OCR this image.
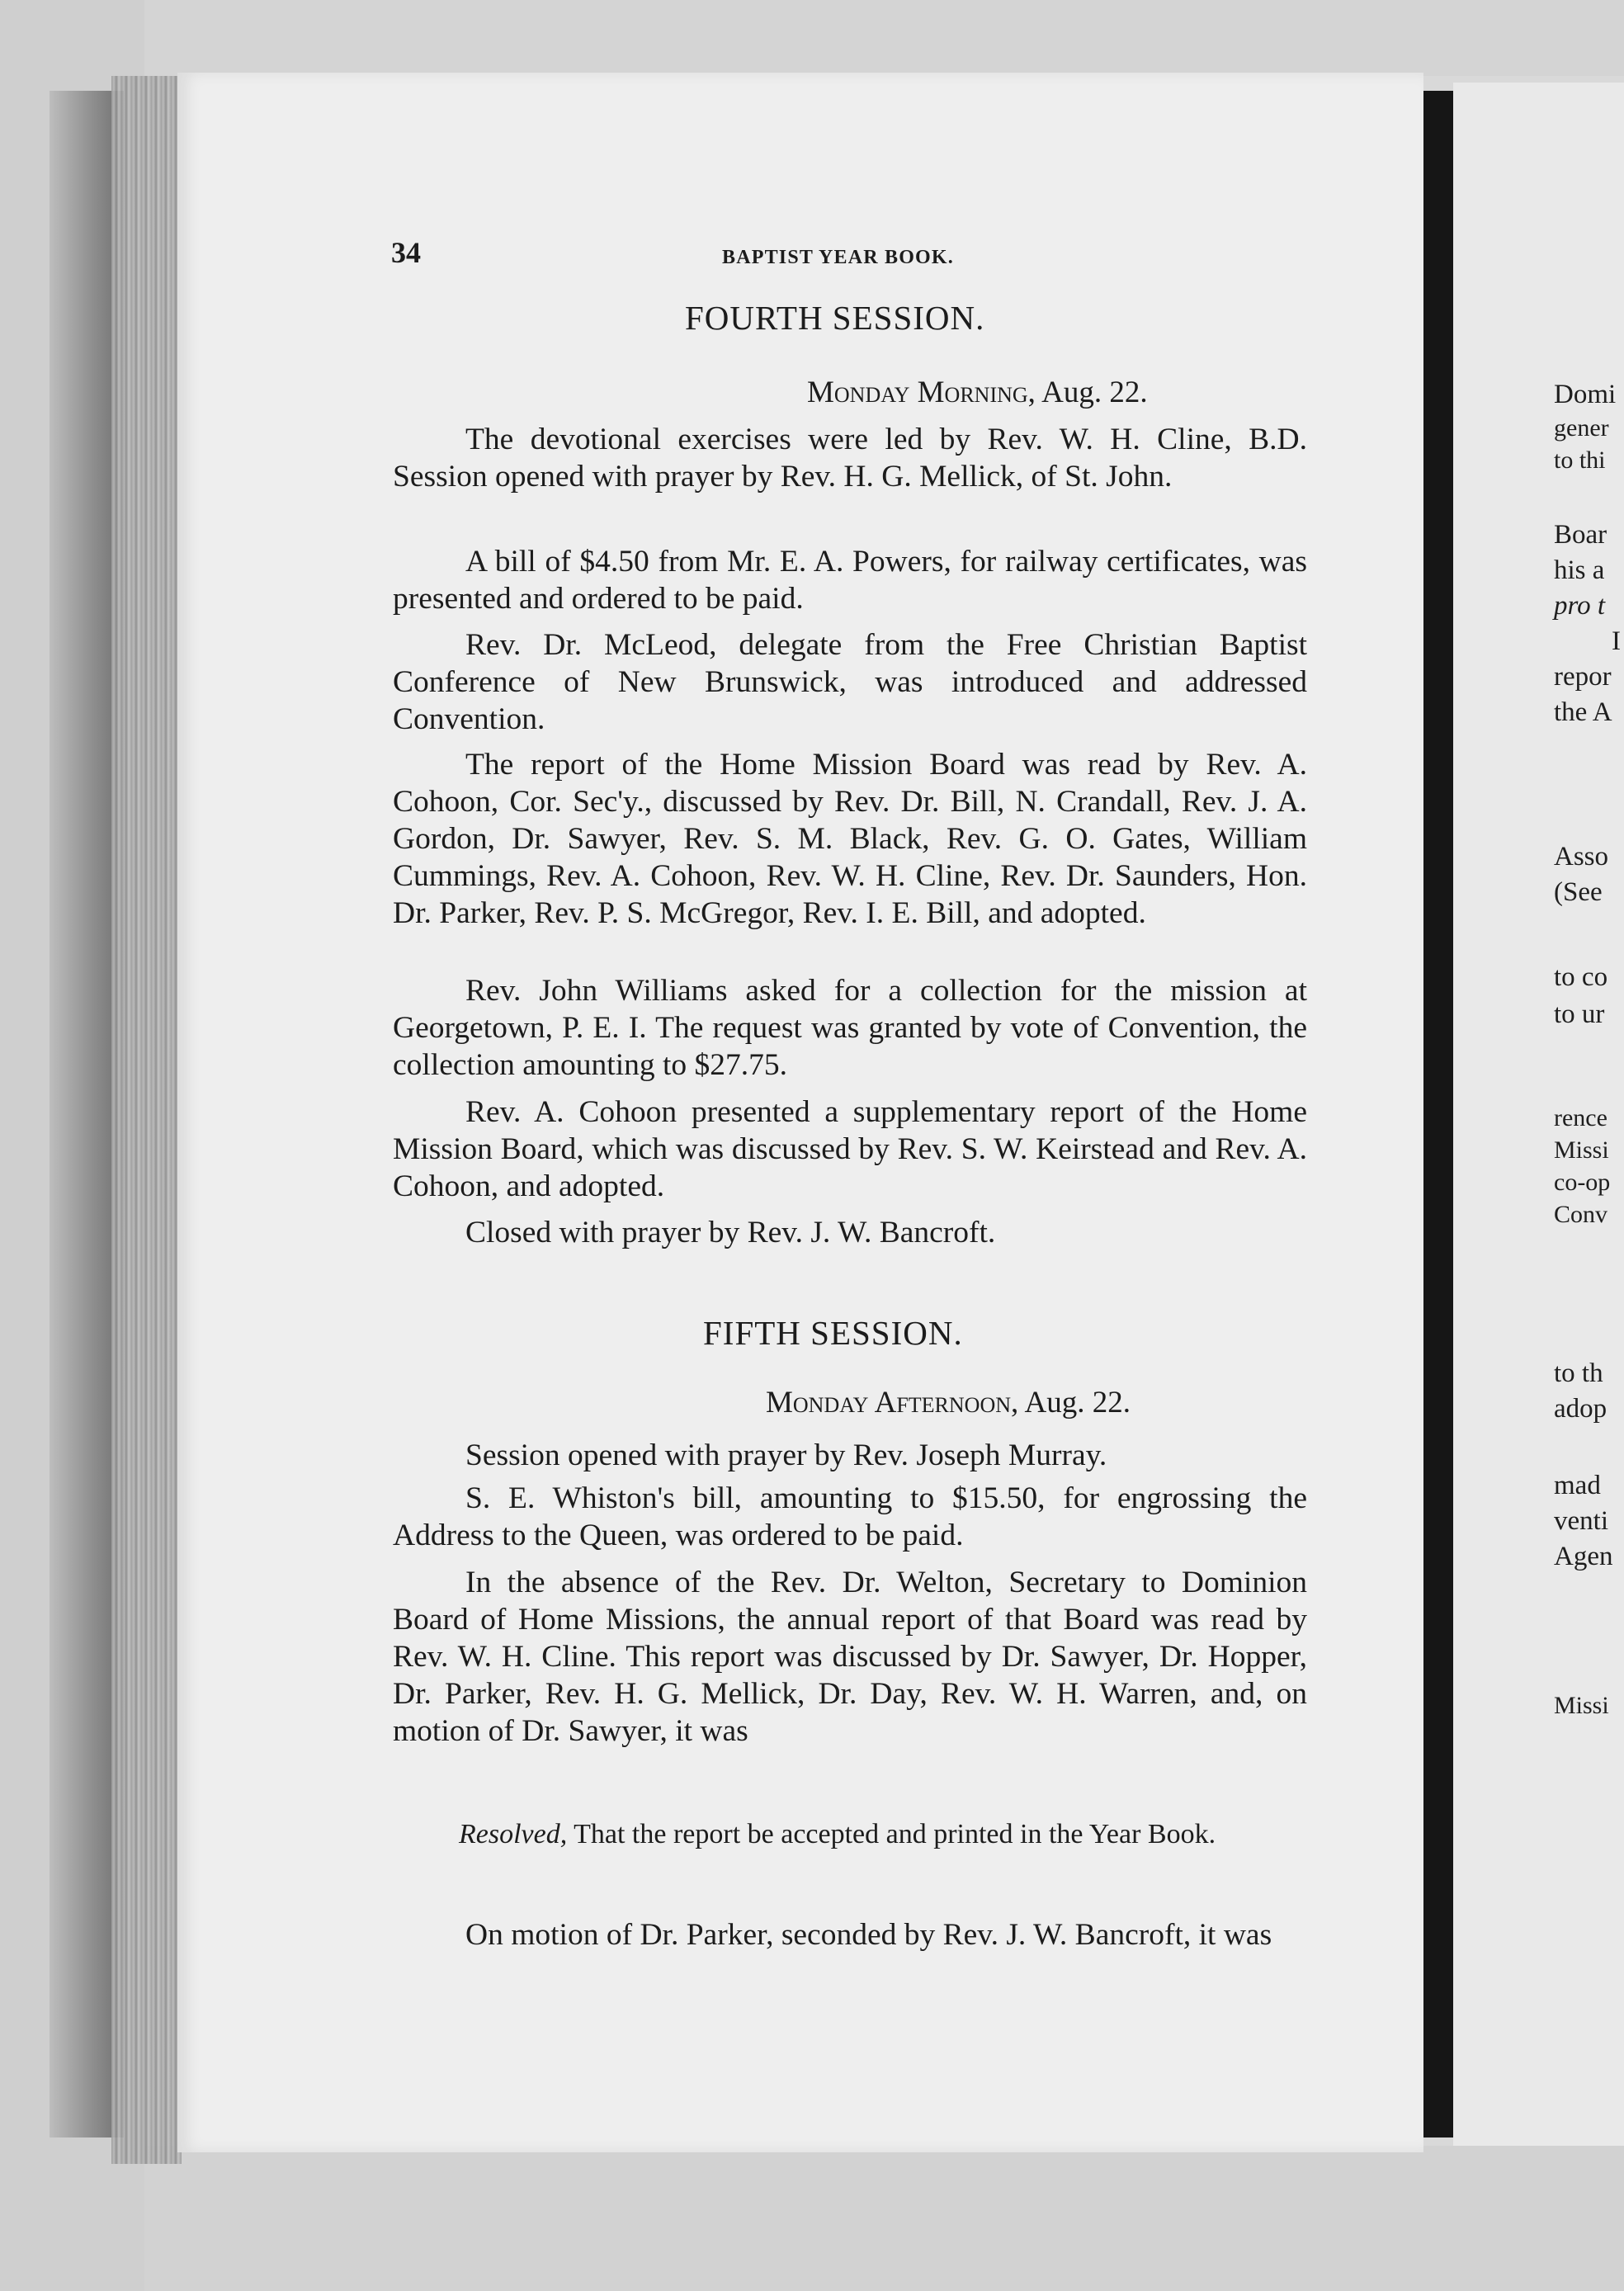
34	BAPTIST YEAR BOOK.
FOURTH SESSION.
Monday Morning, Aug. 22.
The devotional exercises were led by Rev. W. H. Cline, B.D. Session opened with prayer by Rev. H. G. Mellick, of St. John.
A bill of $4.50 from Mr. E. A. Powers, for railway certificates, was presented and ordered to be paid.
Rev. Dr. McLeod, delegate from the Free Christian Baptist Conference of New Brunswick, was introduced and addressed Convention.
The report of the Home Mission Board was read by Rev. A. Cohoon, Cor. Sec'y., discussed by Rev. Dr. Bill, N. Crandall, Rev. J. A. Gordon, Dr. Sawyer, Rev. S. M. Black, Rev. G. O. Gates, William Cummings, Rev. A. Cohoon, Rev. W. H. Cline, Rev. Dr. Saunders, Hon. Dr. Parker, Rev. P. S. McGregor, Rev. I. E. Bill, and adopted.
Rev. John Williams asked for a collection for the mission at Georgetown, P. E. I. The request was granted by vote of Convention, the collection amounting to $27.75.
Rev. A. Cohoon presented a supplementary report of the Home Mission Board, which was discussed by Rev. S. W. Keirstead and Rev. A. Cohoon, and adopted.
Closed with prayer by Rev. J. W. Bancroft.
FIFTH SESSION.
Monday Afternoon, Aug. 22.
Session opened with prayer by Rev. Joseph Murray.
S. E. Whiston's bill, amounting to $15.50, for engrossing the Address to the Queen, was ordered to be paid.
In the absence of the Rev. Dr. Welton, Secretary to Dominion Board of Home Missions, the annual report of that Board was read by Rev. W. H. Cline. This report was discussed by Dr. Sawyer, Dr. Hopper, Dr. Parker, Rev. H. G. Mellick, Dr. Day, Rev. W. H. Warren, and, on motion of Dr. Sawyer, it was
Resolved, That the report be accepted and printed in the Year Book.
On motion of Dr. Parker, seconded by Rev. J. W. Bancroft, it was
Domi
gener
to thi
Boar
his a
pro t
I
repor
the A
Asso
(See
to co
to ur
rence
Missi
co-op
Conv
to th
adop
mad
venti
Agen
Missi
